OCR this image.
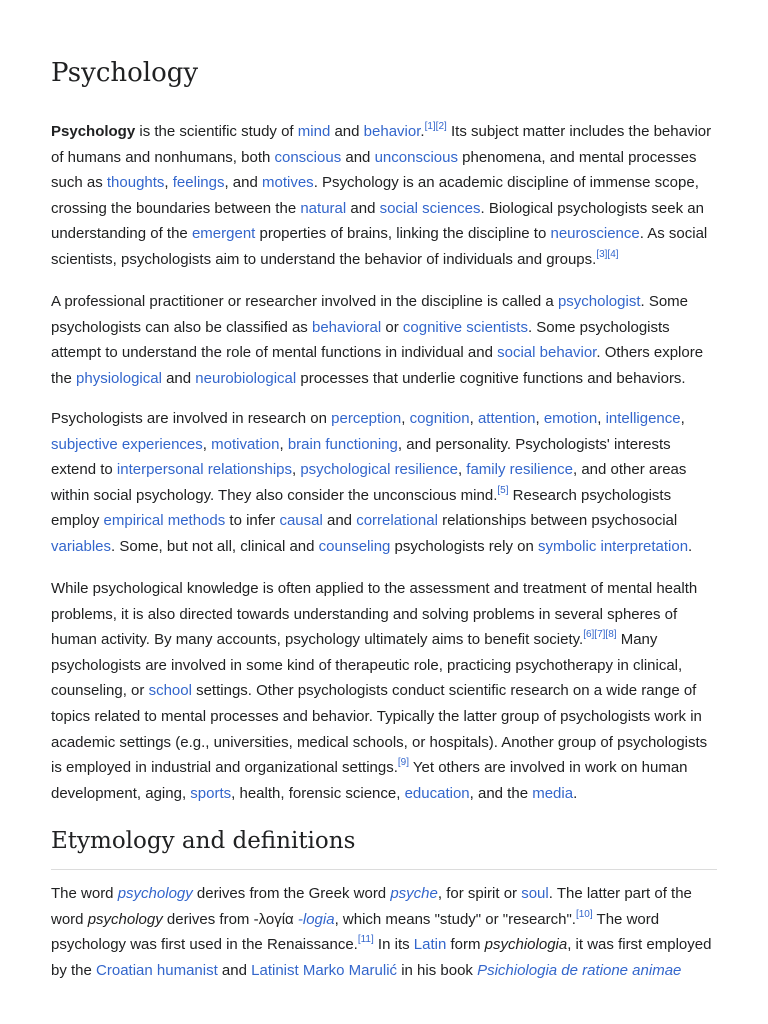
Psychology

Psychology is the scientific study of mind and behavior.[1][2] Its subject matter includes the behavior
of humans and nonhumans, both conscious and unconscious phenomena, and mental processes
such as thoughts, feelings, and motives. Psychology is an academic discipline of immense scope,
crossing the boundaries between the natural and social sciences. Biological psychologists seek an
understanding of the emergent properties of brains, linking the discipline to neuroscience. As social
scientists, psychologists aim to understand the behavior of individuals and groups.[3][4]

A professional practitioner or researcher involved in the discipline is called a psychologist. Some
psychologists can also be classified as behavioral or cognitive scientists. Some psychologists
attempt to understand the role of mental functions in individual and social behavior. Others explore
the physiological and neurobiological processes that underlie cognitive functions and behaviors.

Psychologists are involved in research on perception, cognition, attention, emotion, intelligence,
subjective experiences, motivation, brain functioning, and personality. Psychologists' interests
extend to interpersonal relationships, psychological resilience, family resilience, and other areas
within social psychology. They also consider the unconscious mind.[5] Research psychologists
employ empirical methods to infer causal and correlational relationships between psychosocial
variables. Some, but not all, clinical and counseling psychologists rely on symbolic interpretation.

While psychological knowledge is often applied to the assessment and treatment of mental health
problems, it is also directed towards understanding and solving problems in several spheres of
human activity. By many accounts, psychology ultimately aims to benefit society.[6][7][8] Many
psychologists are involved in some kind of therapeutic role, practicing psychotherapy in clinical,
counseling, or school settings. Other psychologists conduct scientific research on a wide range of
topics related to mental processes and behavior. Typically the latter group of psychologists work in
academic settings (e.g., universities, medical schools, or hospitals). Another group of psychologists
is employed in industrial and organizational settings.[9] Yet others are involved in work on human
development, aging, sports, health, forensic science, education, and the media.

Etymology and definitions

The word psychology derives from the Greek word psyche, for spirit or soul. The latter part of the
word psychology derives from -λογία -logia, which means "study" or "research".[10] The word
psychology was first used in the Renaissance.[11] In its Latin form psychiologia, it was first employed
by the Croatian humanist and Latinist Marko Marulić in his book Psichiologia de ratione animae
